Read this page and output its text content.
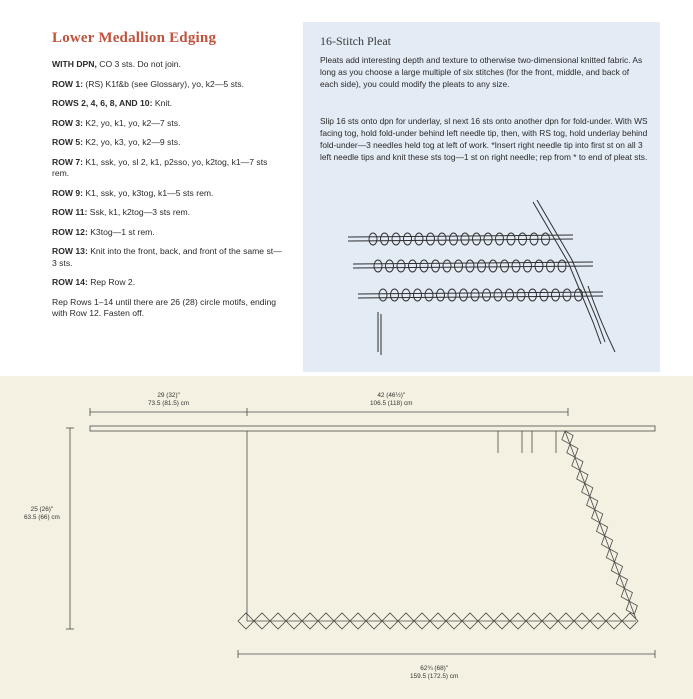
Lower Medallion Edging

WITH DPN, CO 3 sts. Do not join.

ROW 1: (RS) K1f&b (see Glossary), yo, k2—5 sts.

ROWS 2, 4, 6, 8, AND 10: Knit.

ROW 3: K2, yo, k1, yo, k2—7 sts.

ROW 5: K2, yo, k3, yo, k2—9 sts.

ROW 7: K1, ssk, yo, sl 2, k1, p2sso, yo, k2tog, k1—7 sts rem.

ROW 9: K1, ssk, yo, k3tog, k1—5 sts rem.

ROW 11: Ssk, k1, k2tog—3 sts rem.

ROW 12: K3tog—1 st rem.

ROW 13: Knit into the front, back, and front of the same st—3 sts.

ROW 14: Rep Row 2.

Rep Rows 1–14 until there are 26 (28) circle motifs, ending with Row 12. Fasten off.

16-Stitch Pleat

Pleats add interesting depth and texture to otherwise two-dimensional knitted fabric. As long as you choose a large multiple of six stitches (for the front, middle, and back of each side), you could modify the pleats to any size.

Slip 16 sts onto dpn for underlay, sl next 16 sts onto another dpn for fold-under. With WS facing tog, hold fold-under behind left needle tip, then, with RS tog, hold underlay behind fold-under—3 needles held tog at left of work. *Insert right needle tip into first st on all 3 left needle tips and knit these sts tog—1 st on right needle; rep from * to end of pleat sts.

29 (32)"
73.5 (81.5) cm
42 (46½)"
106.5 (118) cm
25 (26)"
63.5 (66) cm
62¾ (68)"
159.5 (172.5) cm
